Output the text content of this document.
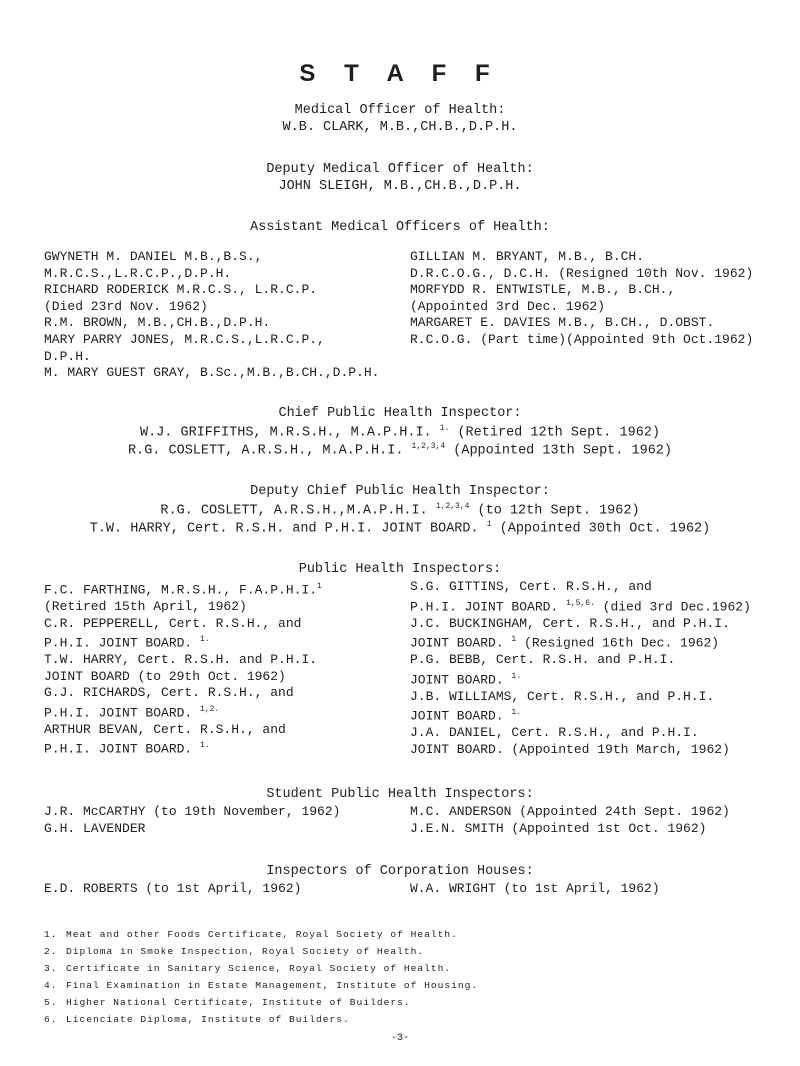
S T A F F
Medical Officer of Health:
W.B. CLARK, M.B.,CH.B.,D.P.H.
Deputy Medical Officer of Health:
JOHN SLEIGH, M.B.,CH.B.,D.P.H.
Assistant Medical Officers of Health:
GWYNETH M. DANIEL M.B.,B.S.,
M.R.C.S.,L.R.C.P.,D.P.H.
RICHARD RODERICK M.R.C.S., L.R.C.P.
(Died 23rd Nov. 1962)
R.M. BROWN, M.B.,CH.B.,D.P.H.
MARY PARRY JONES, M.R.C.S.,L.R.C.P.,
D.P.H.
M. MARY GUEST GRAY, B.Sc.,M.B.,B.CH.,D.P.H.
GILLIAN M. BRYANT, M.B., B.CH.
D.R.C.O.G., D.C.H. (Resigned 10th Nov. 1962)
MORFYDD R. ENTWISTLE, M.B., B.CH.,
(Appointed 3rd Dec. 1962)
MARGARET E. DAVIES M.B., B.CH., D.OBST.
R.C.O.G. (Part time)(Appointed 9th Oct.1962)
Chief Public Health Inspector:
W.J. GRIFFITHS, M.R.S.H., M.A.P.H.I. $^{1.}$ (Retired 12th Sept. 1962)
R.G. COSLETT, A.R.S.H., M.A.P.H.I. $^{1,2,3,4}$ (Appointed 13th Sept. 1962)
Deputy Chief Public Health Inspector:
R.G. COSLETT, A.R.S.H.,M.A.P.H.I. $^{1,2,3,4}$ (to 12th Sept. 1962)
T.W. HARRY, Cert. R.S.H. and P.H.I. JOINT BOARD. $^1$ (Appointed 30th Oct. 1962)
Public Health Inspectors:
F.C. FARTHING, M.R.S.H., F.A.P.H.I.$^1$
(Retired 15th April, 1962)
C.R. PEPPERELL, Cert. R.S.H., and
P.H.I. JOINT BOARD. $^{1.}$
T.W. HARRY, Cert. R.S.H. and P.H.I.
JOINT BOARD (to 29th Oct. 1962)
G.J. RICHARDS, Cert. R.S.H., and
P.H.I. JOINT BOARD. $^{1,2.}$
ARTHUR BEVAN, Cert. R.S.H., and
P.H.I. JOINT BOARD. $^{1.}$
S.G. GITTINS, Cert. R.S.H., and
P.H.I. JOINT BOARD. $^{1,5,6.}$ (died 3rd Dec.1962)
J.C. BUCKINGHAM, Cert. R.S.H., and P.H.I.
JOINT BOARD. $^1$ (Resigned 16th Dec. 1962)
P.G. BEBB, Cert. R.S.H. and P.H.I.
JOINT BOARD. $^{1.}$
J.B. WILLIAMS, Cert. R.S.H., and P.H.I.
JOINT BOARD. $^{1.}$
J.A. DANIEL, Cert. R.S.H., and P.H.I.
JOINT BOARD. (Appointed 19th March, 1962)
Student Public Health Inspectors:
J.R. McCARTHY (to 19th November, 1962)
G.H. LAVENDER
M.C. ANDERSON (Appointed 24th Sept. 1962)
J.E.N. SMITH (Appointed 1st Oct. 1962)
Inspectors of Corporation Houses:
E.D. ROBERTS (to 1st April, 1962)	W.A. WRIGHT (to 1st April, 1962)
1. Meat and other Foods Certificate, Royal Society of Health.
2. Diploma in Smoke Inspection, Royal Society of Health.
3. Certificate in Sanitary Science, Royal Society of Health.
4. Final Examination in Estate Management, Institute of Housing.
5. Higher National Certificate, Institute of Builders.
6. Licenciate Diploma, Institute of Builders.
-3-
